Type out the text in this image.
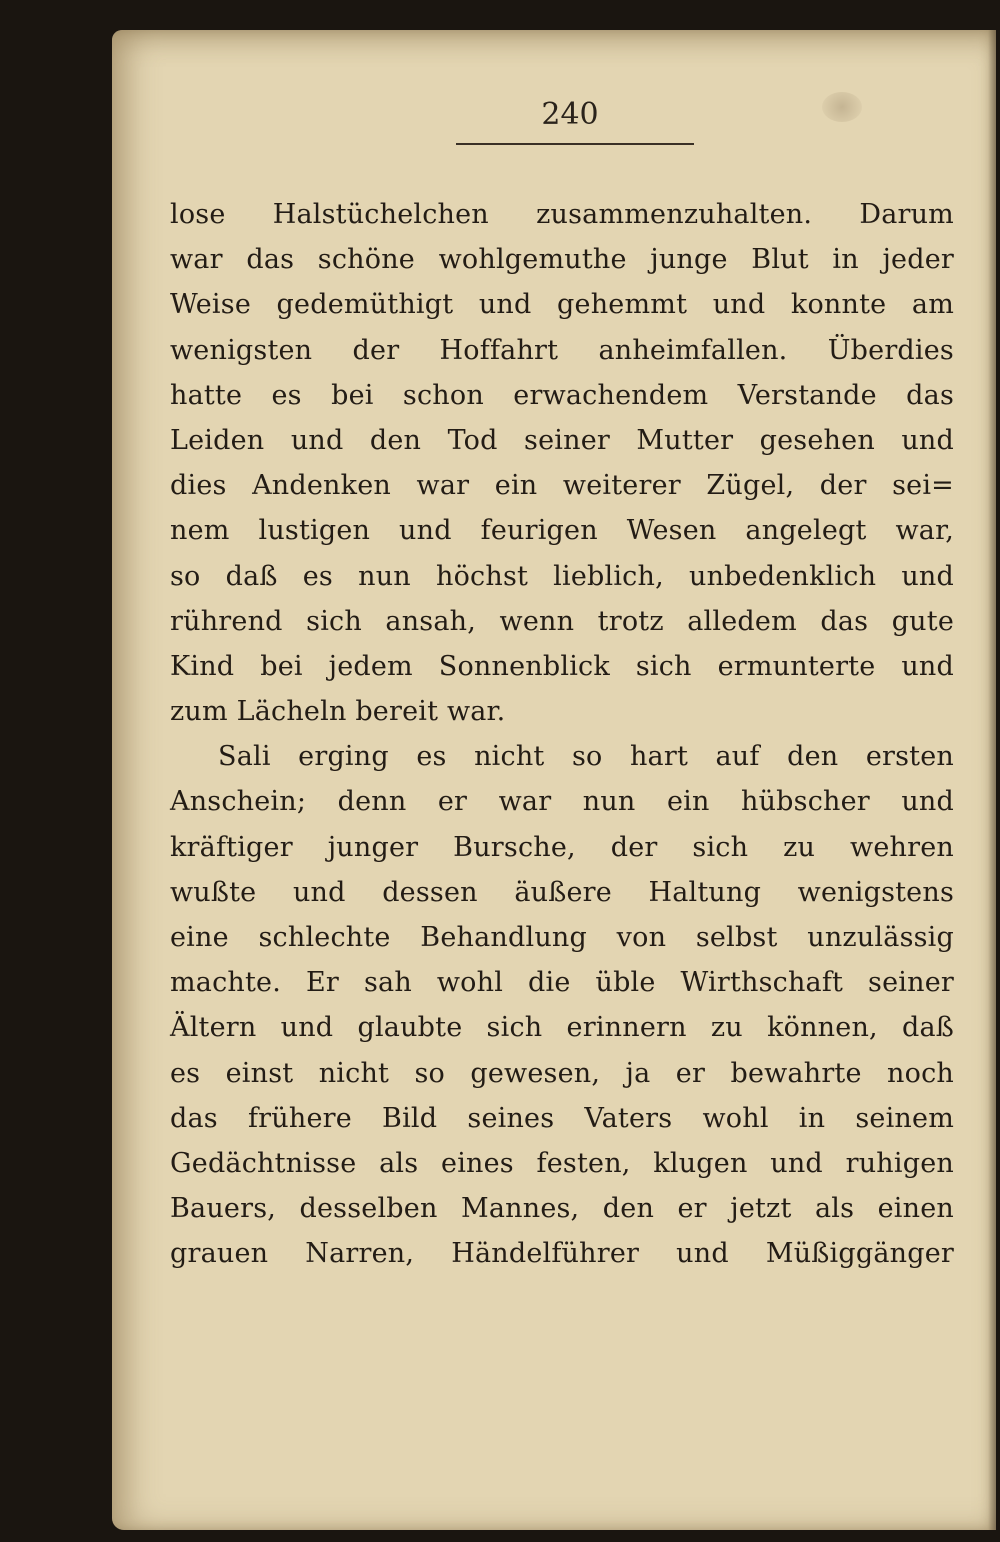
240
lose Halstüchelchen zusammenzuhalten. Darum
war das schöne wohlgemuthe junge Blut in jeder
Weise gedemüthigt und gehemmt und konnte am
wenigsten der Hoffahrt anheimfallen. Überdies
hatte es bei schon erwachendem Verstande das
Leiden und den Tod seiner Mutter gesehen und
dies Andenken war ein weiterer Zügel, der sei=
nem lustigen und feurigen Wesen angelegt war,
so daß es nun höchst lieblich, unbedenklich und
rührend sich ansah, wenn trotz alledem das gute
Kind bei jedem Sonnenblick sich ermunterte und
zum Lächeln bereit war.
Sali erging es nicht so hart auf den ersten
Anschein; denn er war nun ein hübscher und
kräftiger junger Bursche, der sich zu wehren
wußte und dessen äußere Haltung wenigstens
eine schlechte Behandlung von selbst unzulässig
machte. Er sah wohl die üble Wirthschaft seiner
Ältern und glaubte sich erinnern zu können, daß
es einst nicht so gewesen, ja er bewahrte noch
das frühere Bild seines Vaters wohl in seinem
Gedächtnisse als eines festen, klugen und ruhigen
Bauers, desselben Mannes, den er jetzt als einen
grauen Narren, Händelführer und Müßiggänger
